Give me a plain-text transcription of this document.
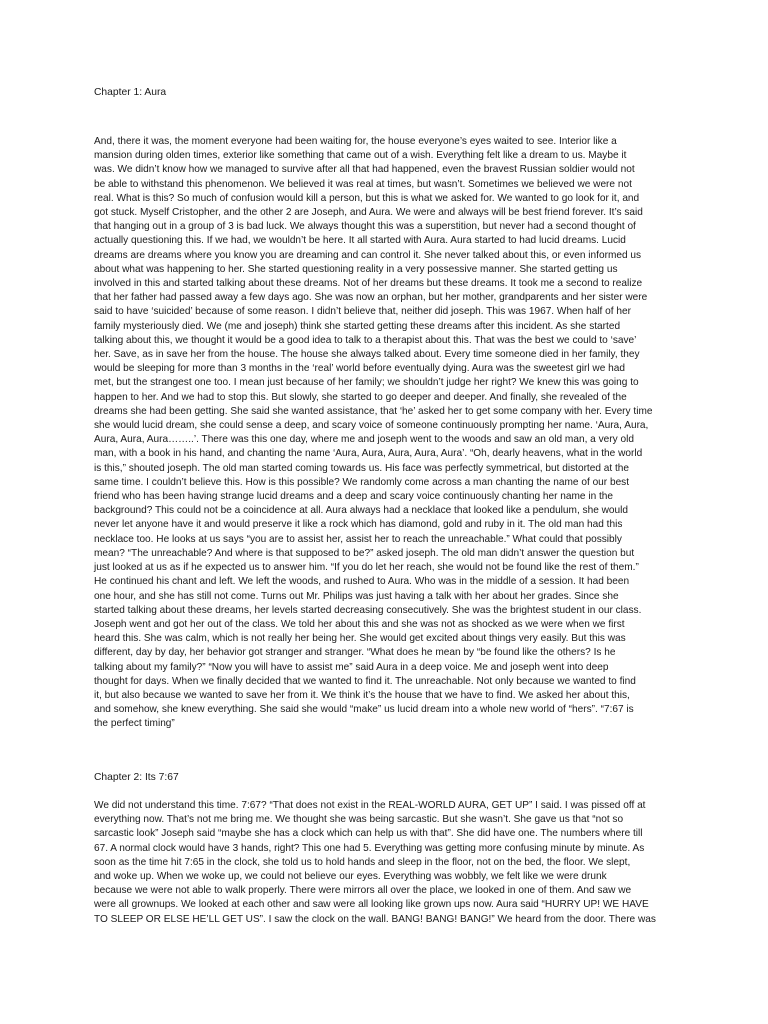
Chapter 1: Aura
And, there it was, the moment everyone had been waiting for, the house everyone’s eyes waited to see. Interior like a
mansion during olden times, exterior like something that came out of a wish. Everything felt like a dream to us. Maybe it
was. We didn’t know how we managed to survive after all that had happened, even the bravest Russian soldier would not
be able to withstand this phenomenon. We believed it was real at times, but wasn’t. Sometimes we believed we were not
real. What is this? So much of confusion would kill a person, but this is what we asked for. We wanted to go look for it, and
got stuck. Myself Cristopher, and the other 2 are Joseph, and Aura. We were and always will be best friend forever. It’s said
that hanging out in a group of 3 is bad luck. We always thought this was a superstition, but never had a second thought of
actually questioning this. If we had, we wouldn’t be here. It all started with Aura. Aura started to had lucid dreams. Lucid
dreams are dreams where you know you are dreaming and can control it. She never talked about this, or even informed us
about what was happening to her. She started questioning reality in a very possessive manner. She started getting us
involved in this and started talking about these dreams. Not of her dreams but these dreams. It took me a second to realize
that her father had passed away a few days ago. She was now an orphan, but her mother, grandparents and her sister were
said to have ‘suicided’ because of some reason. I didn’t believe that, neither did joseph. This was 1967. When half of her
family mysteriously died. We (me and joseph) think she started getting these dreams after this incident. As she started
talking about this, we thought it would be a good idea to talk to a therapist about this. That was the best we could to ‘save’
her. Save, as in save her from the house. The house she always talked about. Every time someone died in her family, they
would be sleeping for more than 3 months in the ‘real’ world before eventually dying. Aura was the sweetest girl we had
met, but the strangest one too. I mean just because of her family; we shouldn’t judge her right? We knew this was going to
happen to her. And we had to stop this. But slowly, she started to go deeper and deeper. And finally, she revealed of the
dreams she had been getting. She said she wanted assistance, that ‘he’ asked her to get some company with her. Every time
she would lucid dream, she could sense a deep, and scary voice of someone continuously prompting her name. ‘Aura, Aura,
Aura, Aura, Aura……..’. There was this one day, where me and joseph went to the woods and saw an old man, a very old
man, with a book in his hand, and chanting the name ‘Aura, Aura, Aura, Aura, Aura’. “Oh, dearly heavens, what in the world
is this,” shouted joseph. The old man started coming towards us. His face was perfectly symmetrical, but distorted at the
same time. I couldn’t believe this. How is this possible? We randomly come across a man chanting the name of our best
friend who has been having strange lucid dreams and a deep and scary voice continuously chanting her name in the
background? This could not be a coincidence at all. Aura always had a necklace that looked like a pendulum, she would
never let anyone have it and would preserve it like a rock which has diamond, gold and ruby in it. The old man had this
necklace too. He looks at us says “you are to assist her, assist her to reach the unreachable.” What could that possibly
mean? “The unreachable? And where is that supposed to be?” asked joseph. The old man didn’t answer the question but
just looked at us as if he expected us to answer him. “If you do let her reach, she would not be found like the rest of them.”
He continued his chant and left. We left the woods, and rushed to Aura. Who was in the middle of a session. It had been
one hour, and she has still not come. Turns out Mr. Philips was just having a talk with her about her grades. Since she
started talking about these dreams, her levels started decreasing consecutively. She was the brightest student in our class.
Joseph went and got her out of the class. We told her about this and she was not as shocked as we were when we first
heard this. She was calm, which is not really her being her. She would get excited about things very easily. But this was
different, day by day, her behavior got stranger and stranger. “What does he mean by “be found like the others? Is he
talking about my family?” “Now you will have to assist me” said Aura in a deep voice. Me and joseph went into deep
thought for days. When we finally decided that we wanted to find it. The unreachable. Not only because we wanted to find
it, but also because we wanted to save her from it. We think it’s the house that we have to find. We asked her about this,
and somehow, she knew everything. She said she would “make” us lucid dream into a whole new world of “hers”. “7:67 is
the perfect timing”
Chapter 2: Its 7:67
We did not understand this time. 7:67? “That does not exist in the REAL-WORLD AURA, GET UP” I said. I was pissed off at
everything now. That’s not me bring me. We thought she was being sarcastic. But she wasn’t. She gave us that “not so
sarcastic look” Joseph said “maybe she has a clock which can help us with that”. She did have one. The numbers where till
67. A normal clock would have 3 hands, right? This one had 5. Everything was getting more confusing minute by minute. As
soon as the time hit 7:65 in the clock, she told us to hold hands and sleep in the floor, not on the bed, the floor. We slept,
and woke up. When we woke up, we could not believe our eyes. Everything was wobbly, we felt like we were drunk
because we were not able to walk properly. There were mirrors all over the place, we looked in one of them. And saw we
were all grownups. We looked at each other and saw were all looking like grown ups now. Aura said “HURRY UP! WE HAVE
TO SLEEP OR ELSE HE’LL GET US”. I saw the clock on the wall. BANG! BANG! BANG!” We heard from the door. There was
